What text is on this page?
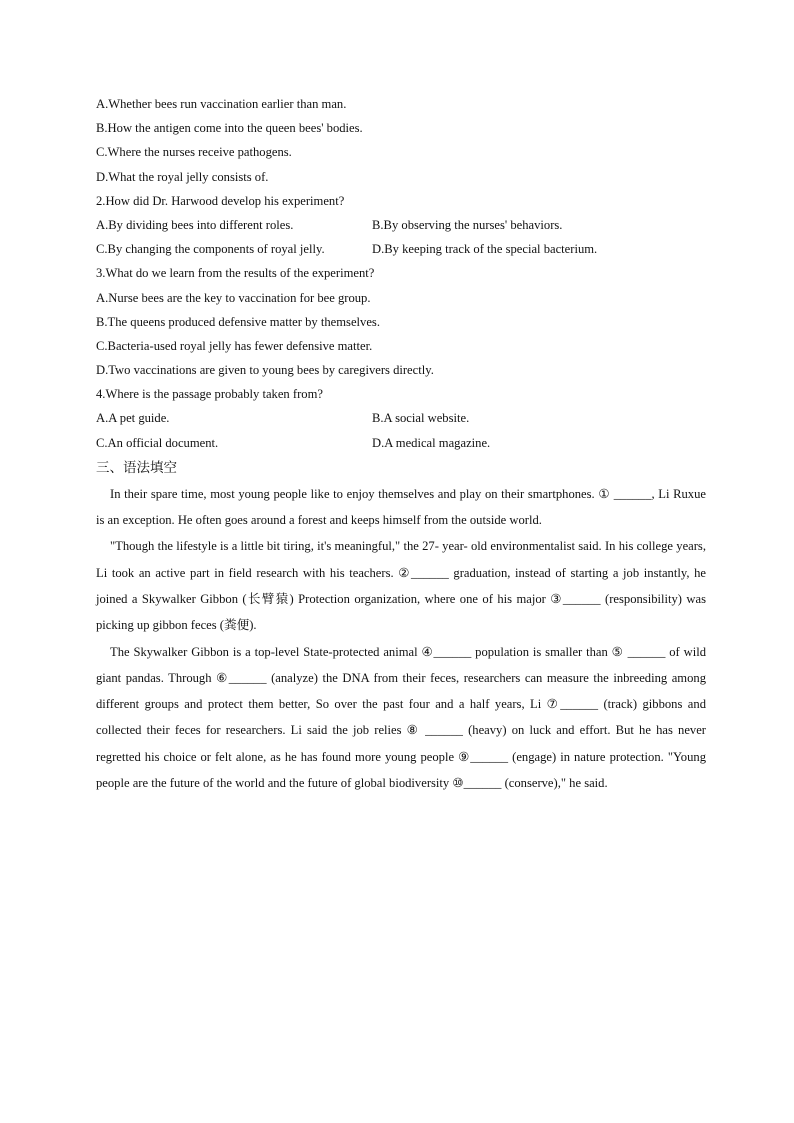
A.Whether bees run vaccination earlier than man.
B.How the antigen come into the queen bees' bodies.
C.Where the nurses receive pathogens.
D.What the royal jelly consists of.
2.How did Dr. Harwood develop his experiment?
A.By dividing bees into different roles.	B.By observing the nurses' behaviors.
C.By changing the components of royal jelly.	D.By keeping track of the special bacterium.
3.What do we learn from the results of the experiment?
A.Nurse bees are the key to vaccination for bee group.
B.The queens produced defensive matter by themselves.
C.Bacteria-used royal jelly has fewer defensive matter.
D.Two vaccinations are given to young bees by caregivers directly.
4.Where is the passage probably taken from?
A.A pet guide.	B.A social website.
C.An official document.	D.A medical magazine.
三、语法填空

In their spare time, most young people like to enjoy themselves and play on their smartphones. ① ______, Li Ruxue is an exception. He often goes around a forest and keeps himself from the outside world.

"Though the lifestyle is a little bit tiring, it's meaningful," the 27- year- old environmentalist said. In his college years, Li took an active part in field research with his teachers. ②______ graduation, instead of starting a job instantly, he joined a Skywalker Gibbon (长臂猿) Protection organization, where one of his major ③______ (responsibility) was picking up gibbon feces (粪便).

The Skywalker Gibbon is a top-level State-protected animal ④______ population is smaller than ⑤ ______ of wild giant pandas. Through ⑥______ (analyze) the DNA from their feces, researchers can measure the inbreeding among different groups and protect them better, So over the past four and a half years, Li ⑦______ (track) gibbons and collected their feces for researchers. Li said the job relies ⑧ ______ (heavy) on luck and effort. But he has never regretted his choice or felt alone, as he has found more young people ⑨______ (engage) in nature protection. "Young people are the future of the world and the future of global biodiversity ⑩______ (conserve)," he said.
